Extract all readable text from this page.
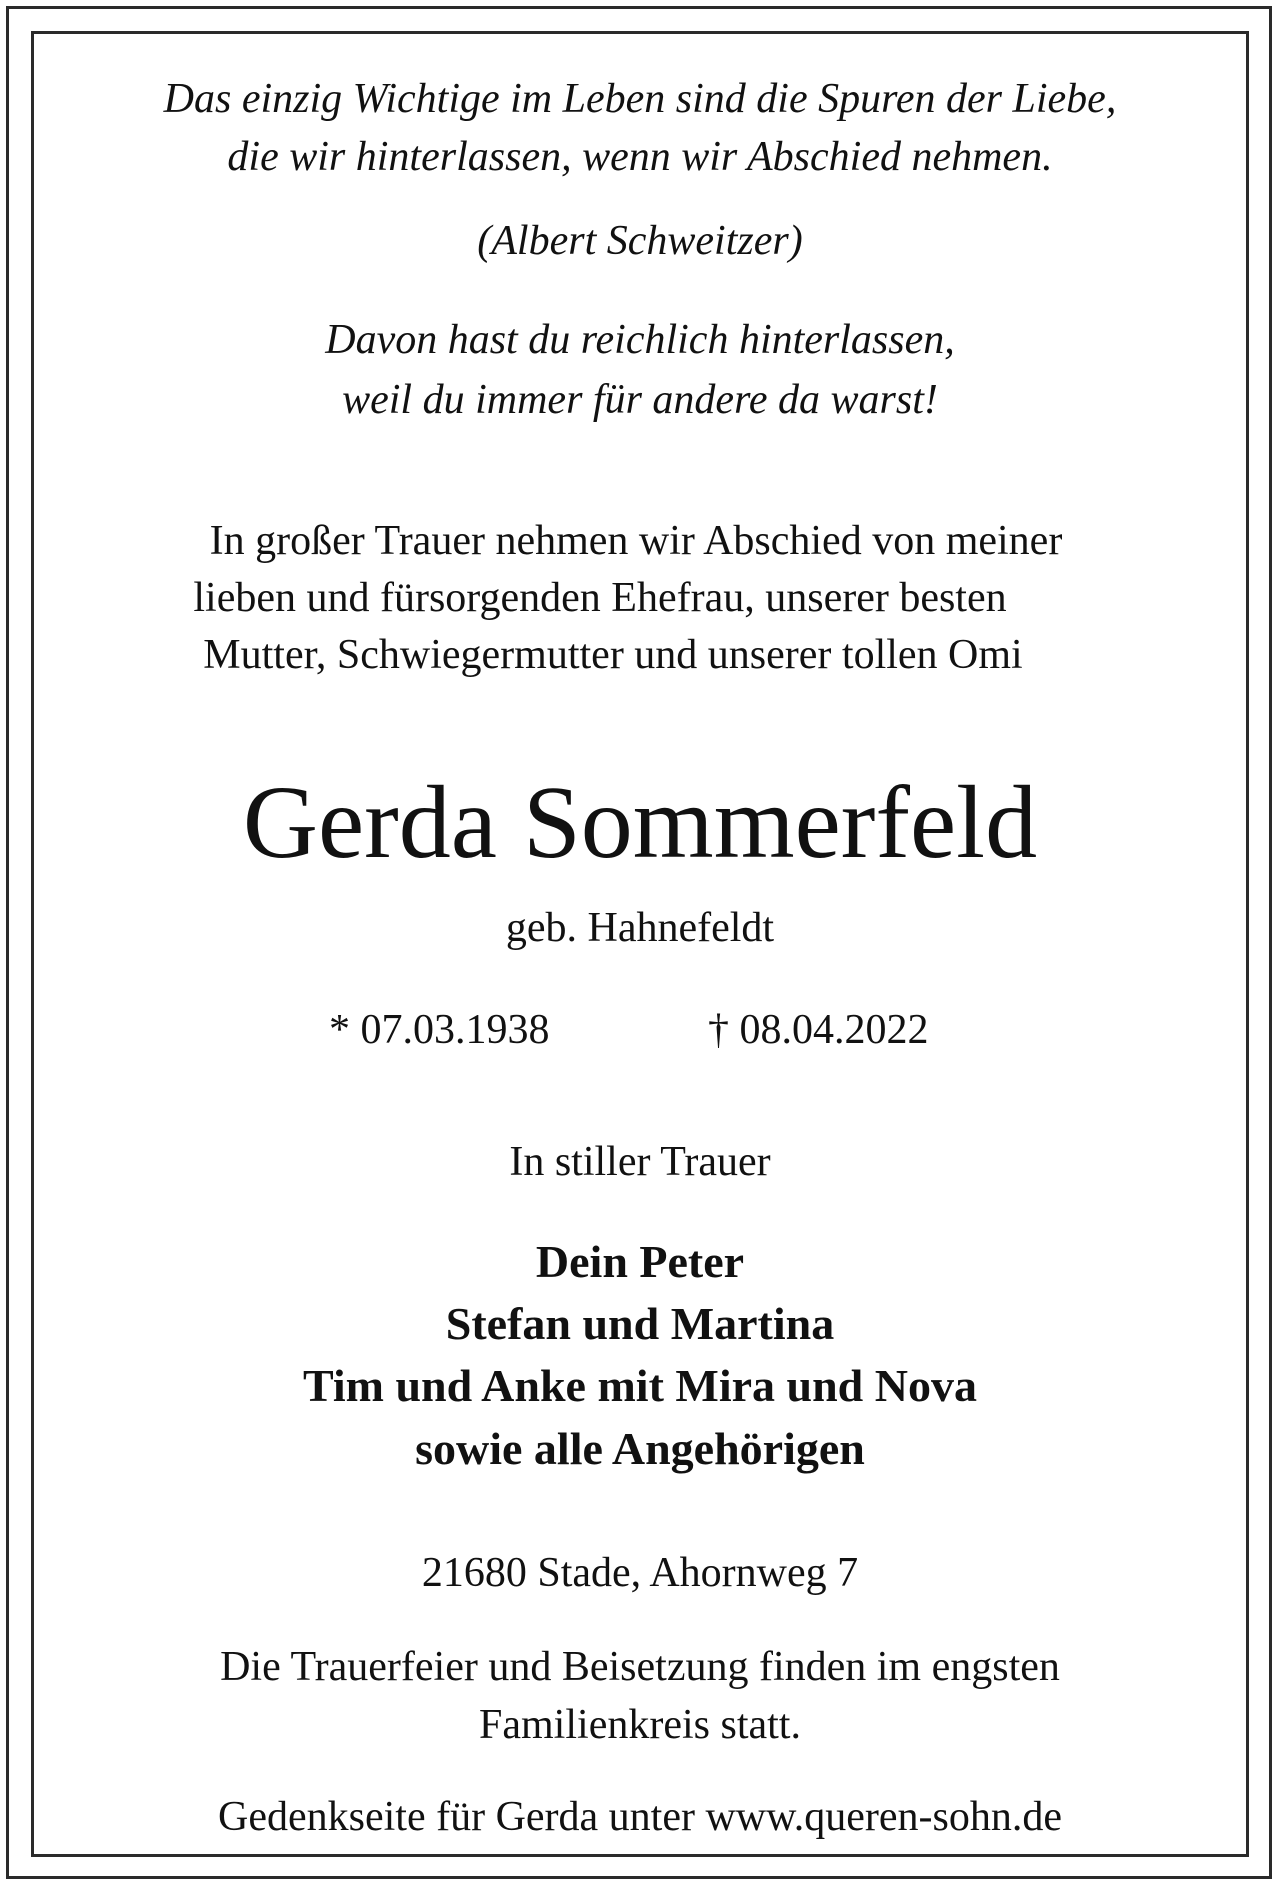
Das einzig Wichtige im Leben sind die Spuren der Liebe,
die wir hinterlassen, wenn wir Abschied nehmen.
(Albert Schweitzer)
Davon hast du reichlich hinterlassen,
weil du immer für andere da warst!
In großer Trauer nehmen wir Abschied von meiner
lieben und fürsorgenden Ehefrau, unserer besten
Mutter, Schwiegermutter und unserer tollen Omi
Gerda Sommerfeld
geb. Hahnefeldt
* 07.03.1938	† 08.04.2022
In stiller Trauer
Dein Peter
Stefan und Martina
Tim und Anke mit Mira und Nova
sowie alle Angehörigen
21680 Stade, Ahornweg 7
Die Trauerfeier und Beisetzung finden im engsten
Familienkreis statt.
Gedenkseite für Gerda unter www.queren-sohn.de
